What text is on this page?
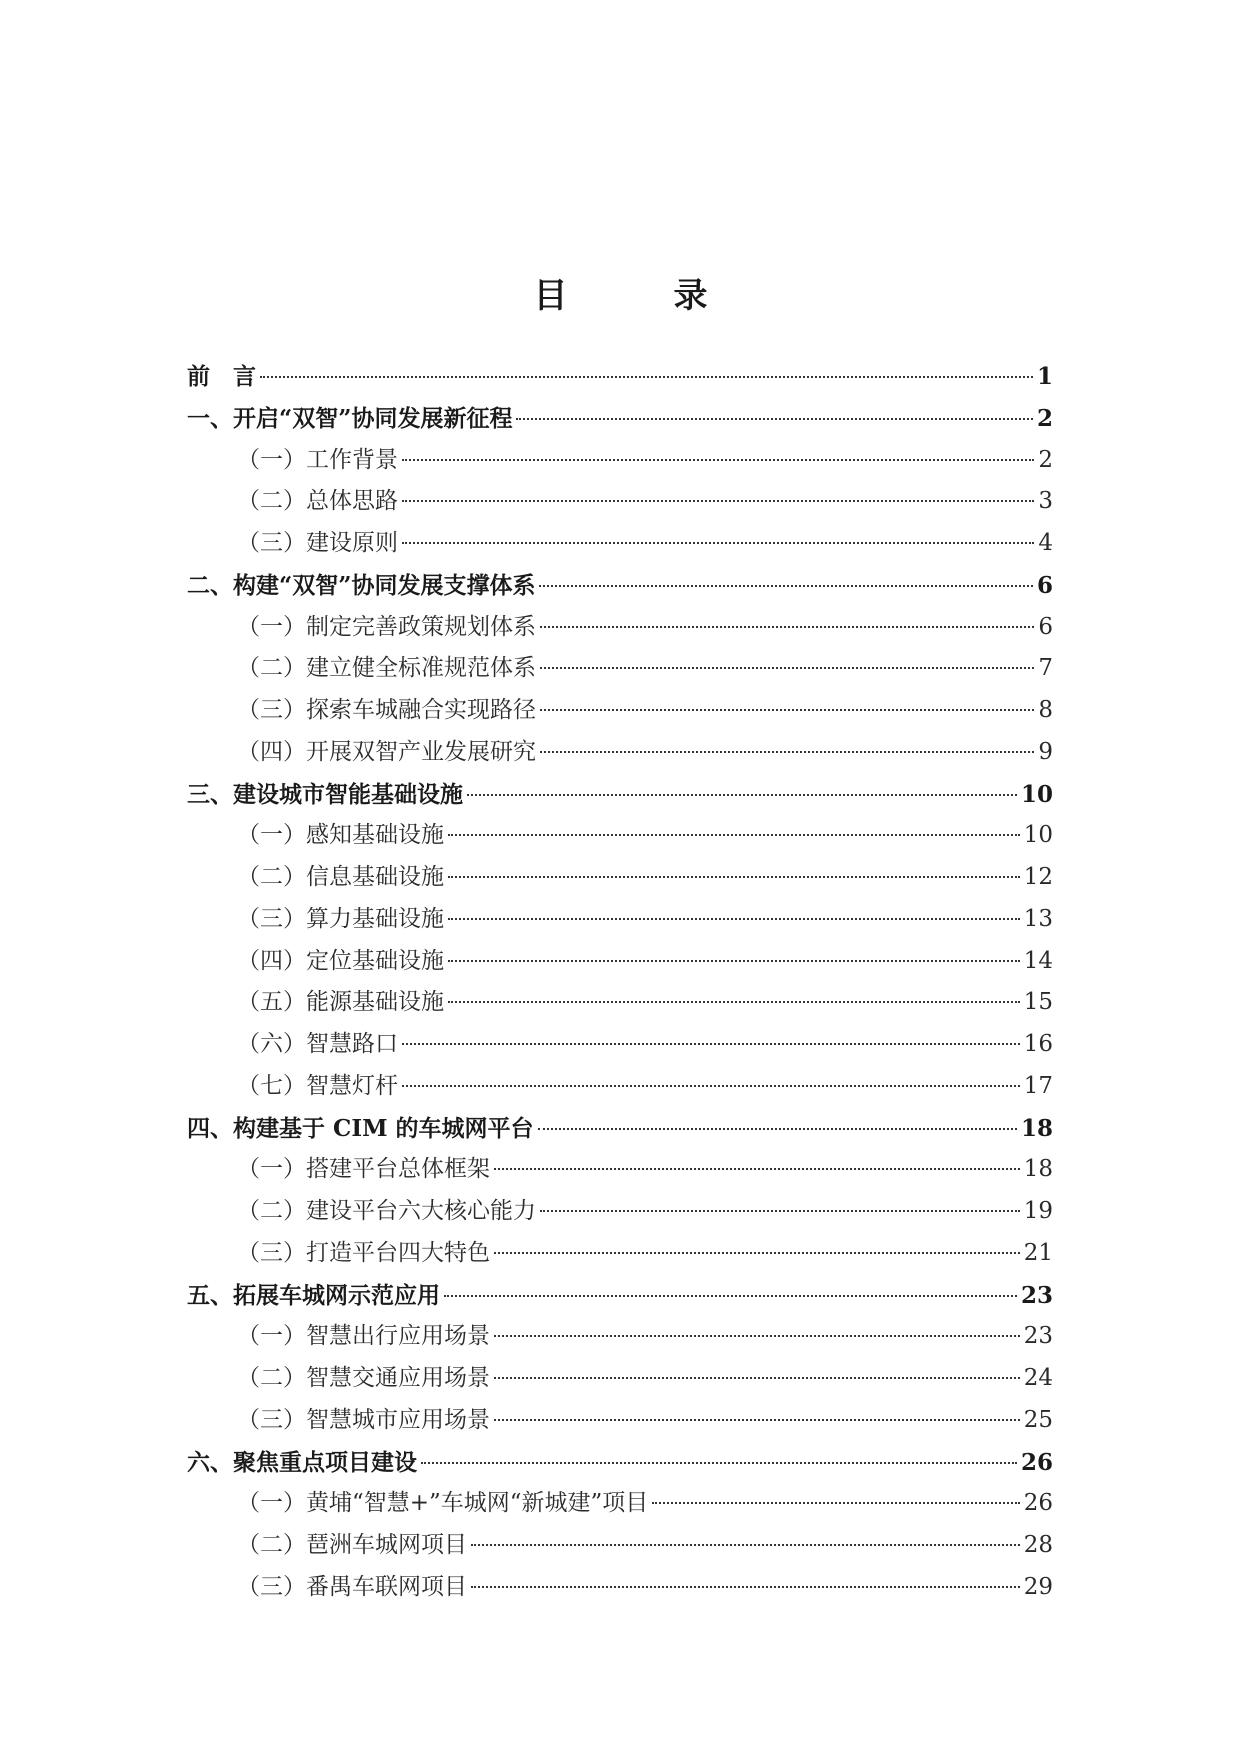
目　录
前　言	1
一、开启“双智”协同发展新征程	2
（一）工作背景	2
（二）总体思路	3
（三）建设原则	4
二、构建“双智”协同发展支撑体系	6
（一）制定完善政策规划体系	6
（二）建立健全标准规范体系	7
（三）探索车城融合实现路径	8
（四）开展双智产业发展研究	9
三、建设城市智能基础设施	10
（一）感知基础设施	10
（二）信息基础设施	12
（三）算力基础设施	13
（四）定位基础设施	14
（五）能源基础设施	15
（六）智慧路口	16
（七）智慧灯杆	17
四、构建基于 CIM 的车城网平台	18
（一）搭建平台总体框架	18
（二）建设平台六大核心能力	19
（三）打造平台四大特色	21
五、拓展车城网示范应用	23
（一）智慧出行应用场景	23
（二）智慧交通应用场景	24
（三）智慧城市应用场景	25
六、聚焦重点项目建设	26
（一）黄埔“智慧+”车城网“新城建”项目	26
（二）琶洲车城网项目	28
（三）番禺车联网项目	29
